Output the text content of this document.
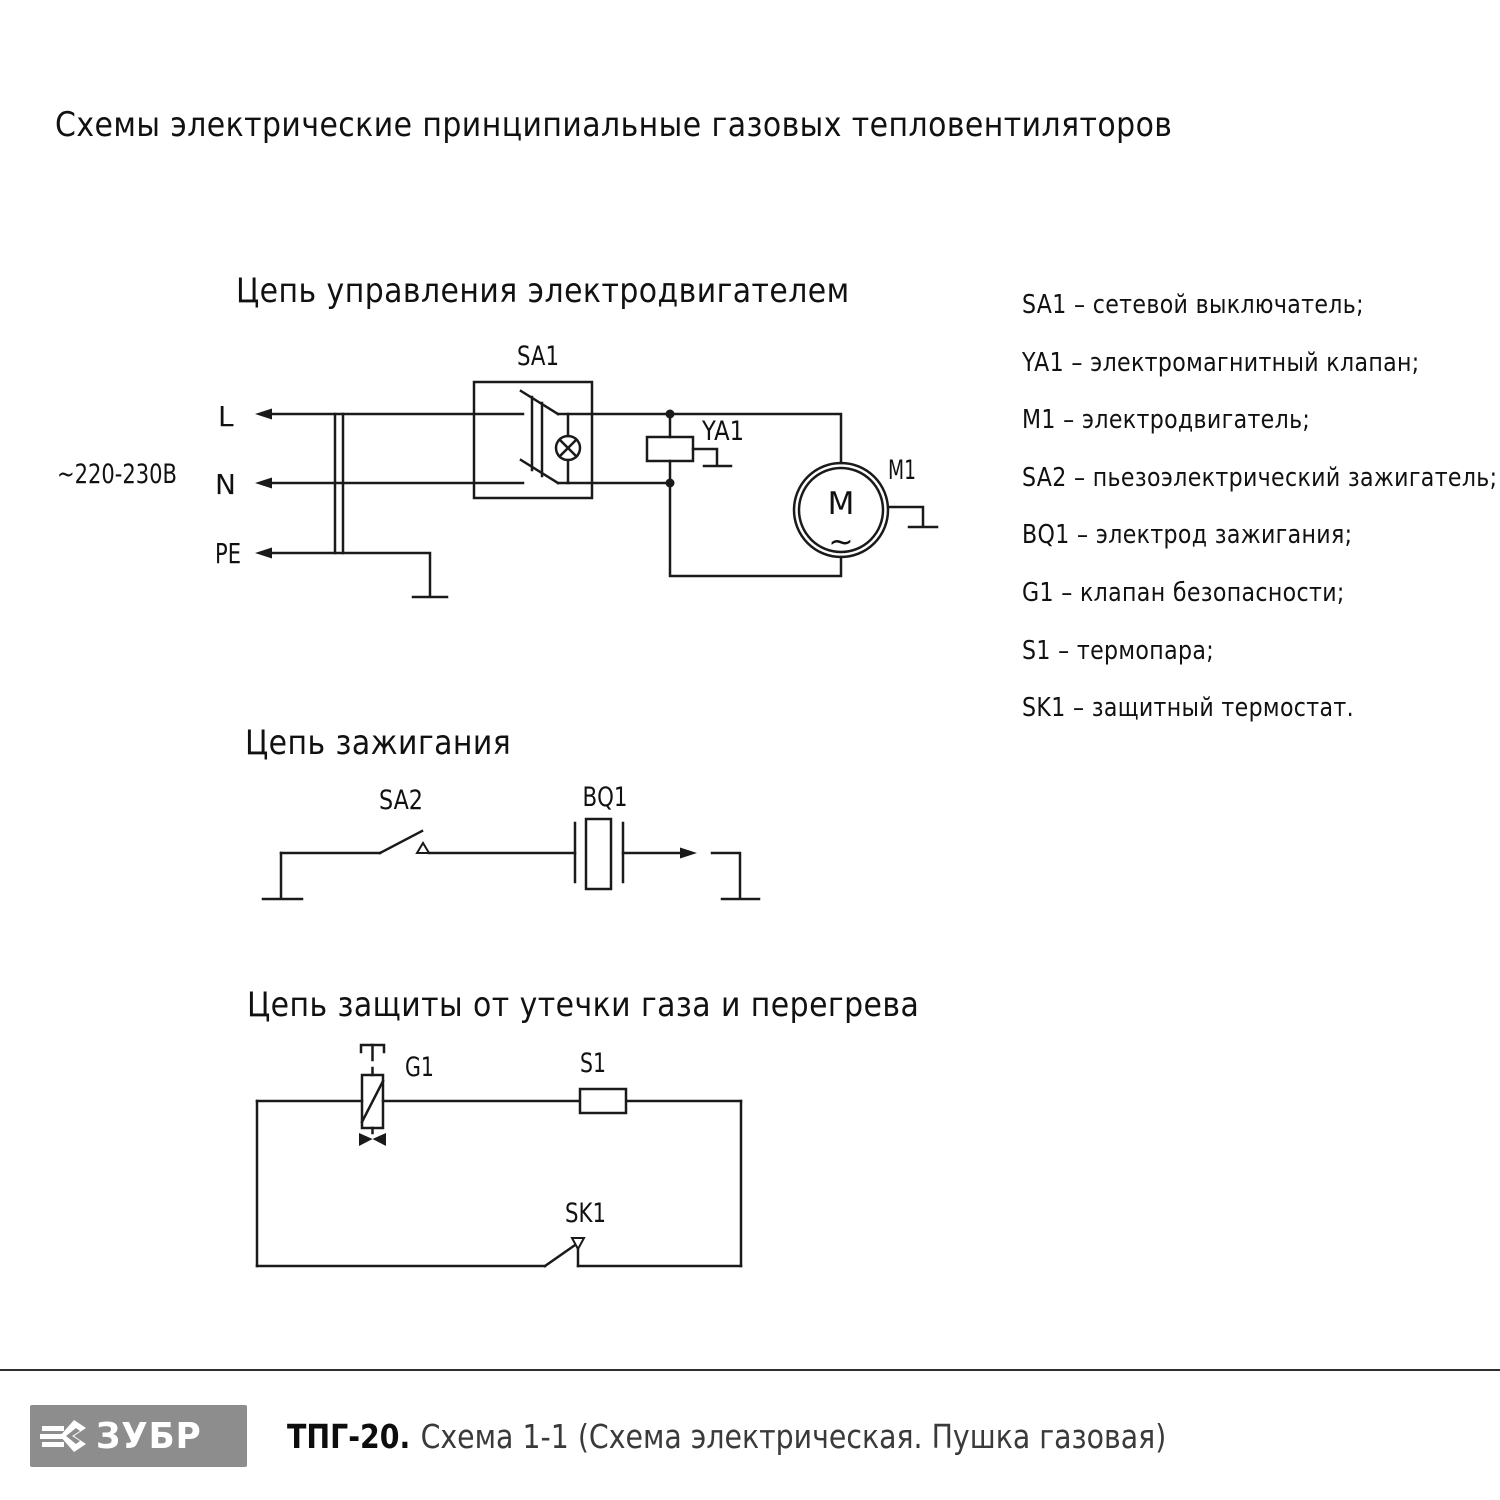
Схемы электрические принципиальные газовых тепловентиляторов
Цепь управления электродвигателем
Цепь зажигания
Цепь защиты от утечки газа и перегрева
SA1 – сетевой выключатель;
YA1 – электромагнитный клапан;
M1 – электродвигатель;
SA2 – пьезоэлектрический зажигатель;
BQ1 – электрод зажигания;
G1 – клапан безопасности;
S1 – термопара;
SK1 – защитный термостат.
~220-230В
L
N
PE
SA1
YA1
M1
M
~
SA2	BQ1
G1	S1
SK1
ЗУБР	ТПГ-20. Схема 1-1 (Схема электрическая. Пушка газовая)
